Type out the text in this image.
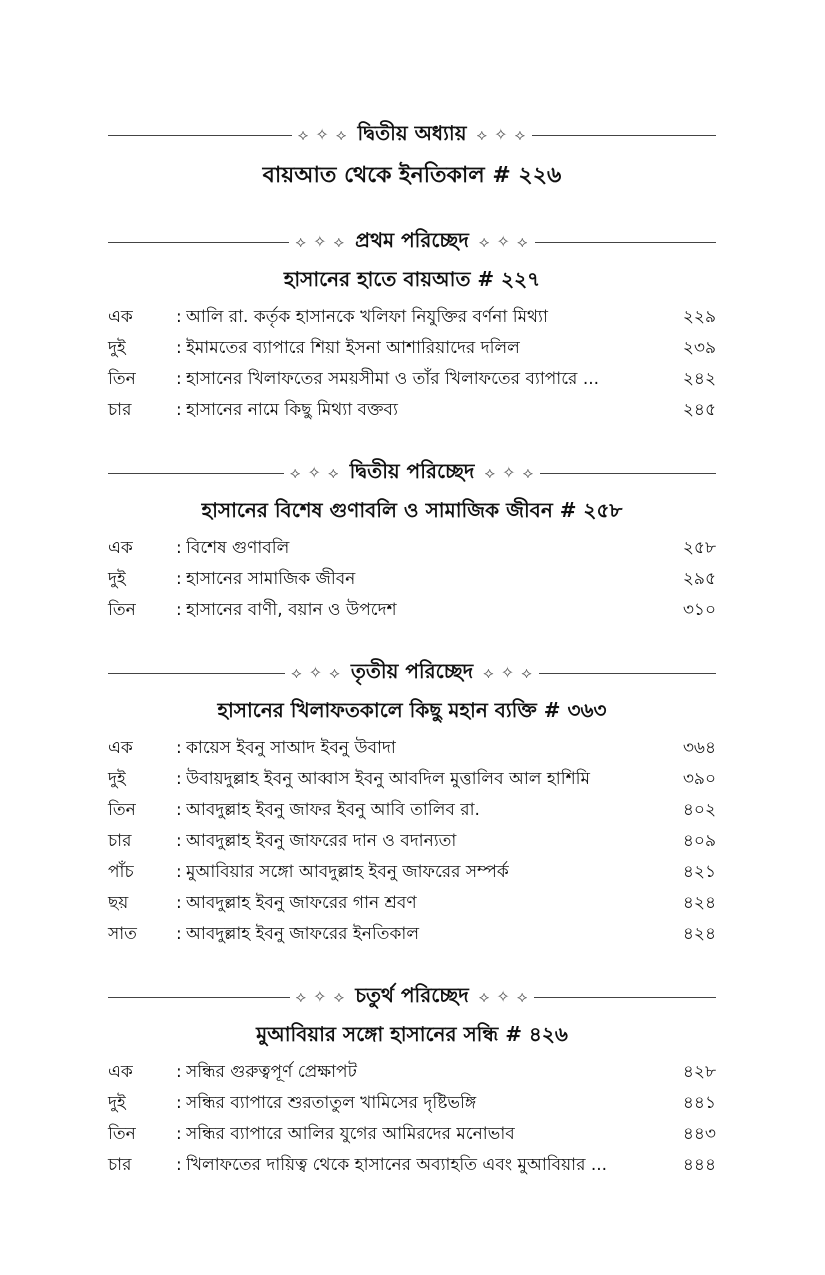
⟡ ✧ ⟡ দ্বিতীয় অধ্যায় ⟡ ✧ ⟡
বায়আত থেকে ইনতিকাল # ২২৬
⟡ ✧ ⟡ প্রথম পরিচ্ছেদ ⟡ ✧ ⟡
হাসানের হাতে বায়আত # ২২৭
এক	: আলি রা. কর্তৃক হাসানকে খলিফা নিযুক্তির বর্ণনা মিথ্যা	২২৯
দুই	: ইমামতের ব্যাপারে শিয়া ইসনা আশারিয়াদের দলিল	২৩৯
তিন	: হাসানের খিলাফতের সময়সীমা ও তাঁর খিলাফতের ব্যাপারে ...	২৪২
চার	: হাসানের নামে কিছু মিথ্যা বক্তব্য	২৪৫
⟡ ✧ ⟡ দ্বিতীয় পরিচ্ছেদ ⟡ ✧ ⟡
হাসানের বিশেষ গুণাবলি ও সামাজিক জীবন # ২৫৮
এক	: বিশেষ গুণাবলি	২৫৮
দুই	: হাসানের সামাজিক জীবন	২৯৫
তিন	: হাসানের বাণী, বয়ান ও উপদেশ	৩১০
⟡ ✧ ⟡ তৃতীয় পরিচ্ছেদ ⟡ ✧ ⟡
হাসানের খিলাফতকালে কিছু মহান ব্যক্তি # ৩৬৩
এক	: কায়েস ইবনু সাআদ ইবনু উবাদা	৩৬৪
দুই	: উবায়দুল্লাহ ইবনু আব্বাস ইবনু আবদিল মুত্তালিব আল হাশিমি	৩৯০
তিন	: আবদুল্লাহ ইবনু জাফর ইবনু আবি তালিব রা.	৪০২
চার	: আবদুল্লাহ ইবনু জাফরের দান ও বদান্যতা	৪০৯
পাঁচ	: মুআবিয়ার সঙ্গো আবদুল্লাহ ইবনু জাফরের সম্পর্ক	৪২১
ছয়	: আবদুল্লাহ ইবনু জাফরের গান শ্রবণ	৪২৪
সাত	: আবদুল্লাহ ইবনু জাফরের ইনতিকাল	৪২৪
⟡ ✧ ⟡ চতুর্থ পরিচ্ছেদ ⟡ ✧ ⟡
মুআবিয়ার সঙ্গো হাসানের সন্ধি # ৪২৬
এক	: সন্ধির গুরুত্বপূর্ণ প্রেক্ষাপট	৪২৮
দুই	: সন্ধির ব্যাপারে শুরতাতুল খামিসের দৃষ্টিভঙ্গি	৪৪১
তিন	: সন্ধির ব্যাপারে আলির যুগের আমিরদের মনোভাব	৪৪৩
চার	: খিলাফতের দায়িত্ব থেকে হাসানের অব্যাহতি এবং মুআবিয়ার ...	৪৪৪
